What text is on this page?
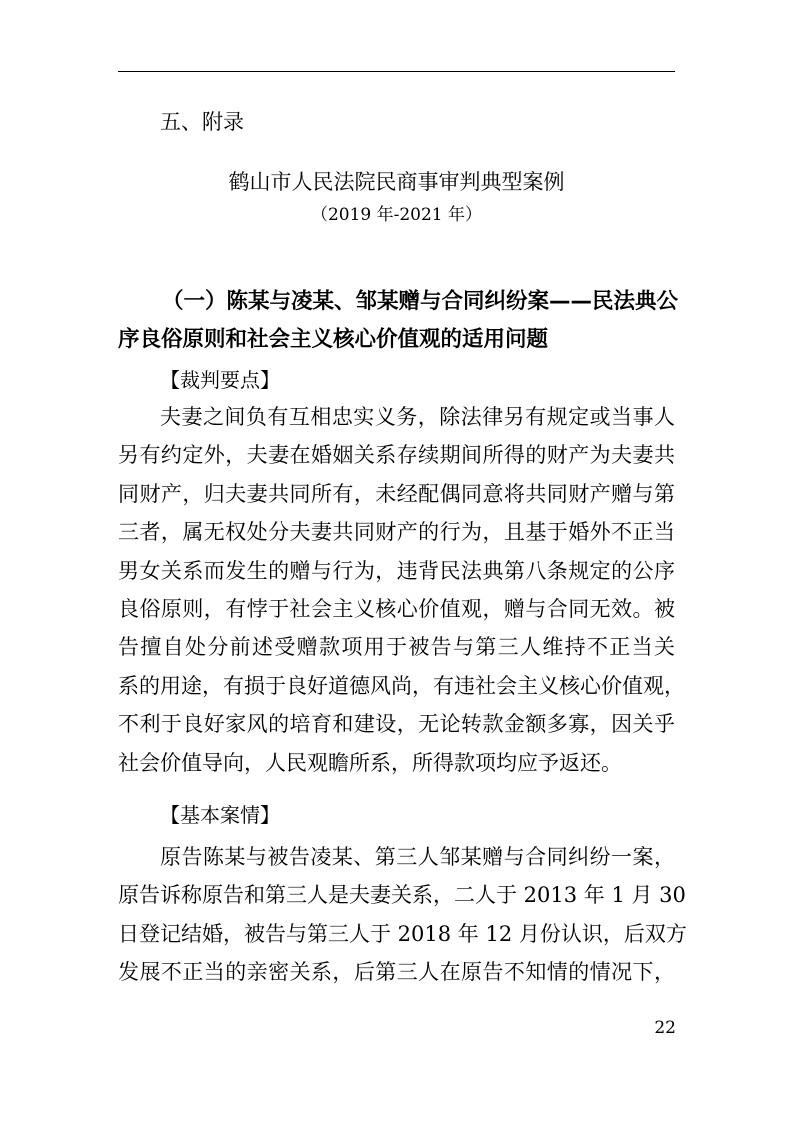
五、附录
鹤山市人民法院民商事审判典型案例
（2019 年-2021 年）
（一）陈某与凌某、邹某赠与合同纠纷案——民法典公
序良俗原则和社会主义核心价值观的适用问题
【裁判要点】
夫妻之间负有互相忠实义务，除法律另有规定或当事人
另有约定外，夫妻在婚姻关系存续期间所得的财产为夫妻共
同财产，归夫妻共同所有，未经配偶同意将共同财产赠与第
三者，属无权处分夫妻共同财产的行为，且基于婚外不正当
男女关系而发生的赠与行为，违背民法典第八条规定的公序
良俗原则，有悖于社会主义核心价值观，赠与合同无效。被
告擅自处分前述受赠款项用于被告与第三人维持不正当关
系的用途，有损于良好道德风尚，有违社会主义核心价值观，
不利于良好家风的培育和建设，无论转款金额多寡，因关乎
社会价值导向，人民观瞻所系，所得款项均应予返还。
【基本案情】
原告陈某与被告凌某、第三人邹某赠与合同纠纷一案，
原告诉称原告和第三人是夫妻关系，二人于 2013 年 1 月 30
日登记结婚，被告与第三人于 2018 年 12 月份认识，后双方
发展不正当的亲密关系，后第三人在原告不知情的情况下，
22
